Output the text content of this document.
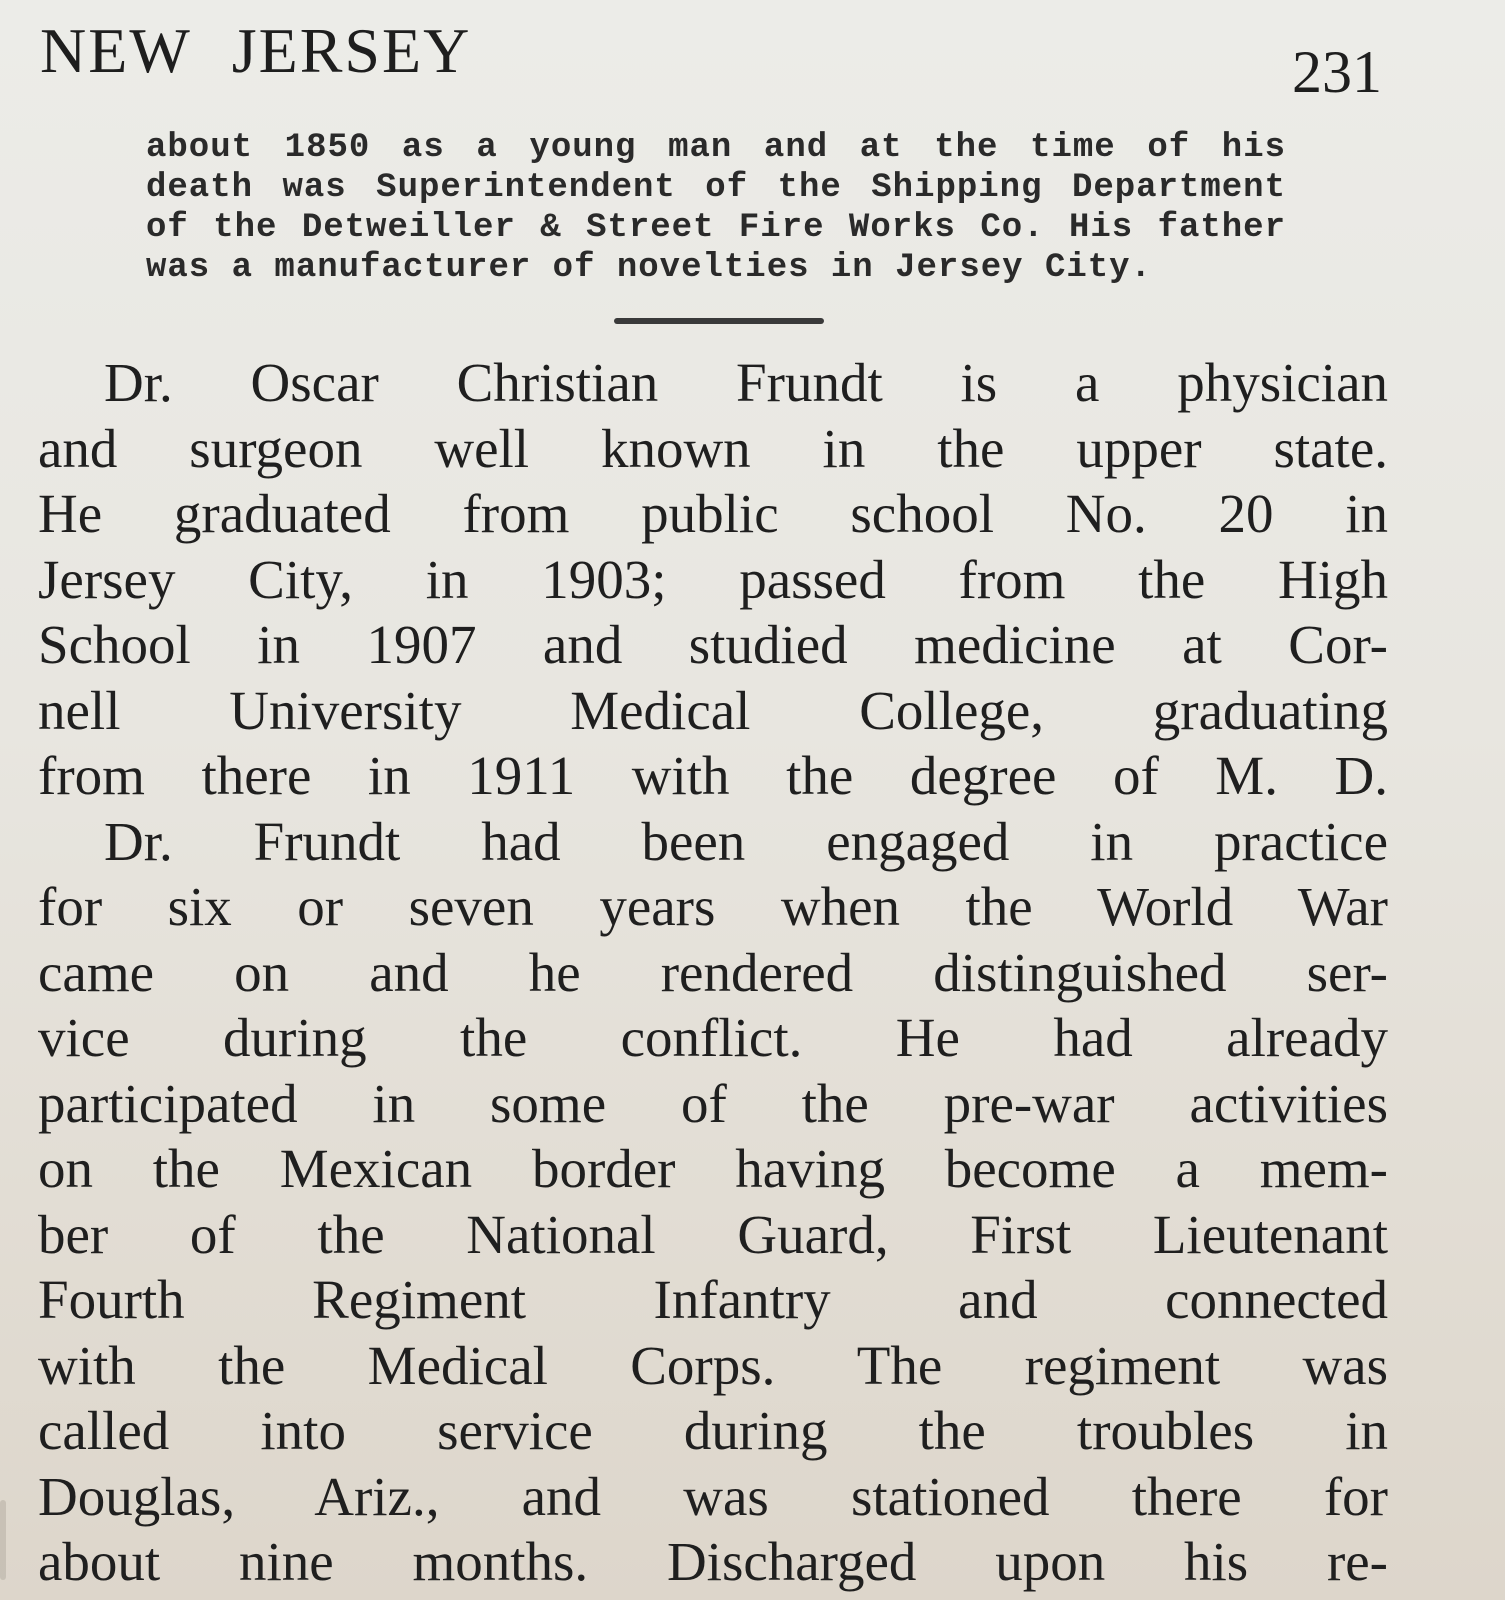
NEW JERSEY	231
about 1850 as a young man and at the time of his
death was Superintendent of the Shipping Department
of the Detweiller & Street Fire Works Co. His father
was a manufacturer of novelties in Jersey City.
Dr. Oscar Christian Frundt is a physician
and surgeon well known in the upper state.
He graduated from public school No. 20 in
Jersey City, in 1903; passed from the High
School in 1907 and studied medicine at Cor-
nell University Medical College, graduating
from there in 1911 with the degree of M. D.
Dr. Frundt had been engaged in practice
for six or seven years when the World War
came on and he rendered distinguished ser-
vice during the conflict. He had already
participated in some of the pre-war activities
on the Mexican border having become a mem-
ber of the National Guard, First Lieutenant
Fourth Regiment Infantry and connected
with the Medical Corps. The regiment was
called into service during the troubles in
Douglas, Ariz., and was stationed there for
about nine months. Discharged upon his re-
